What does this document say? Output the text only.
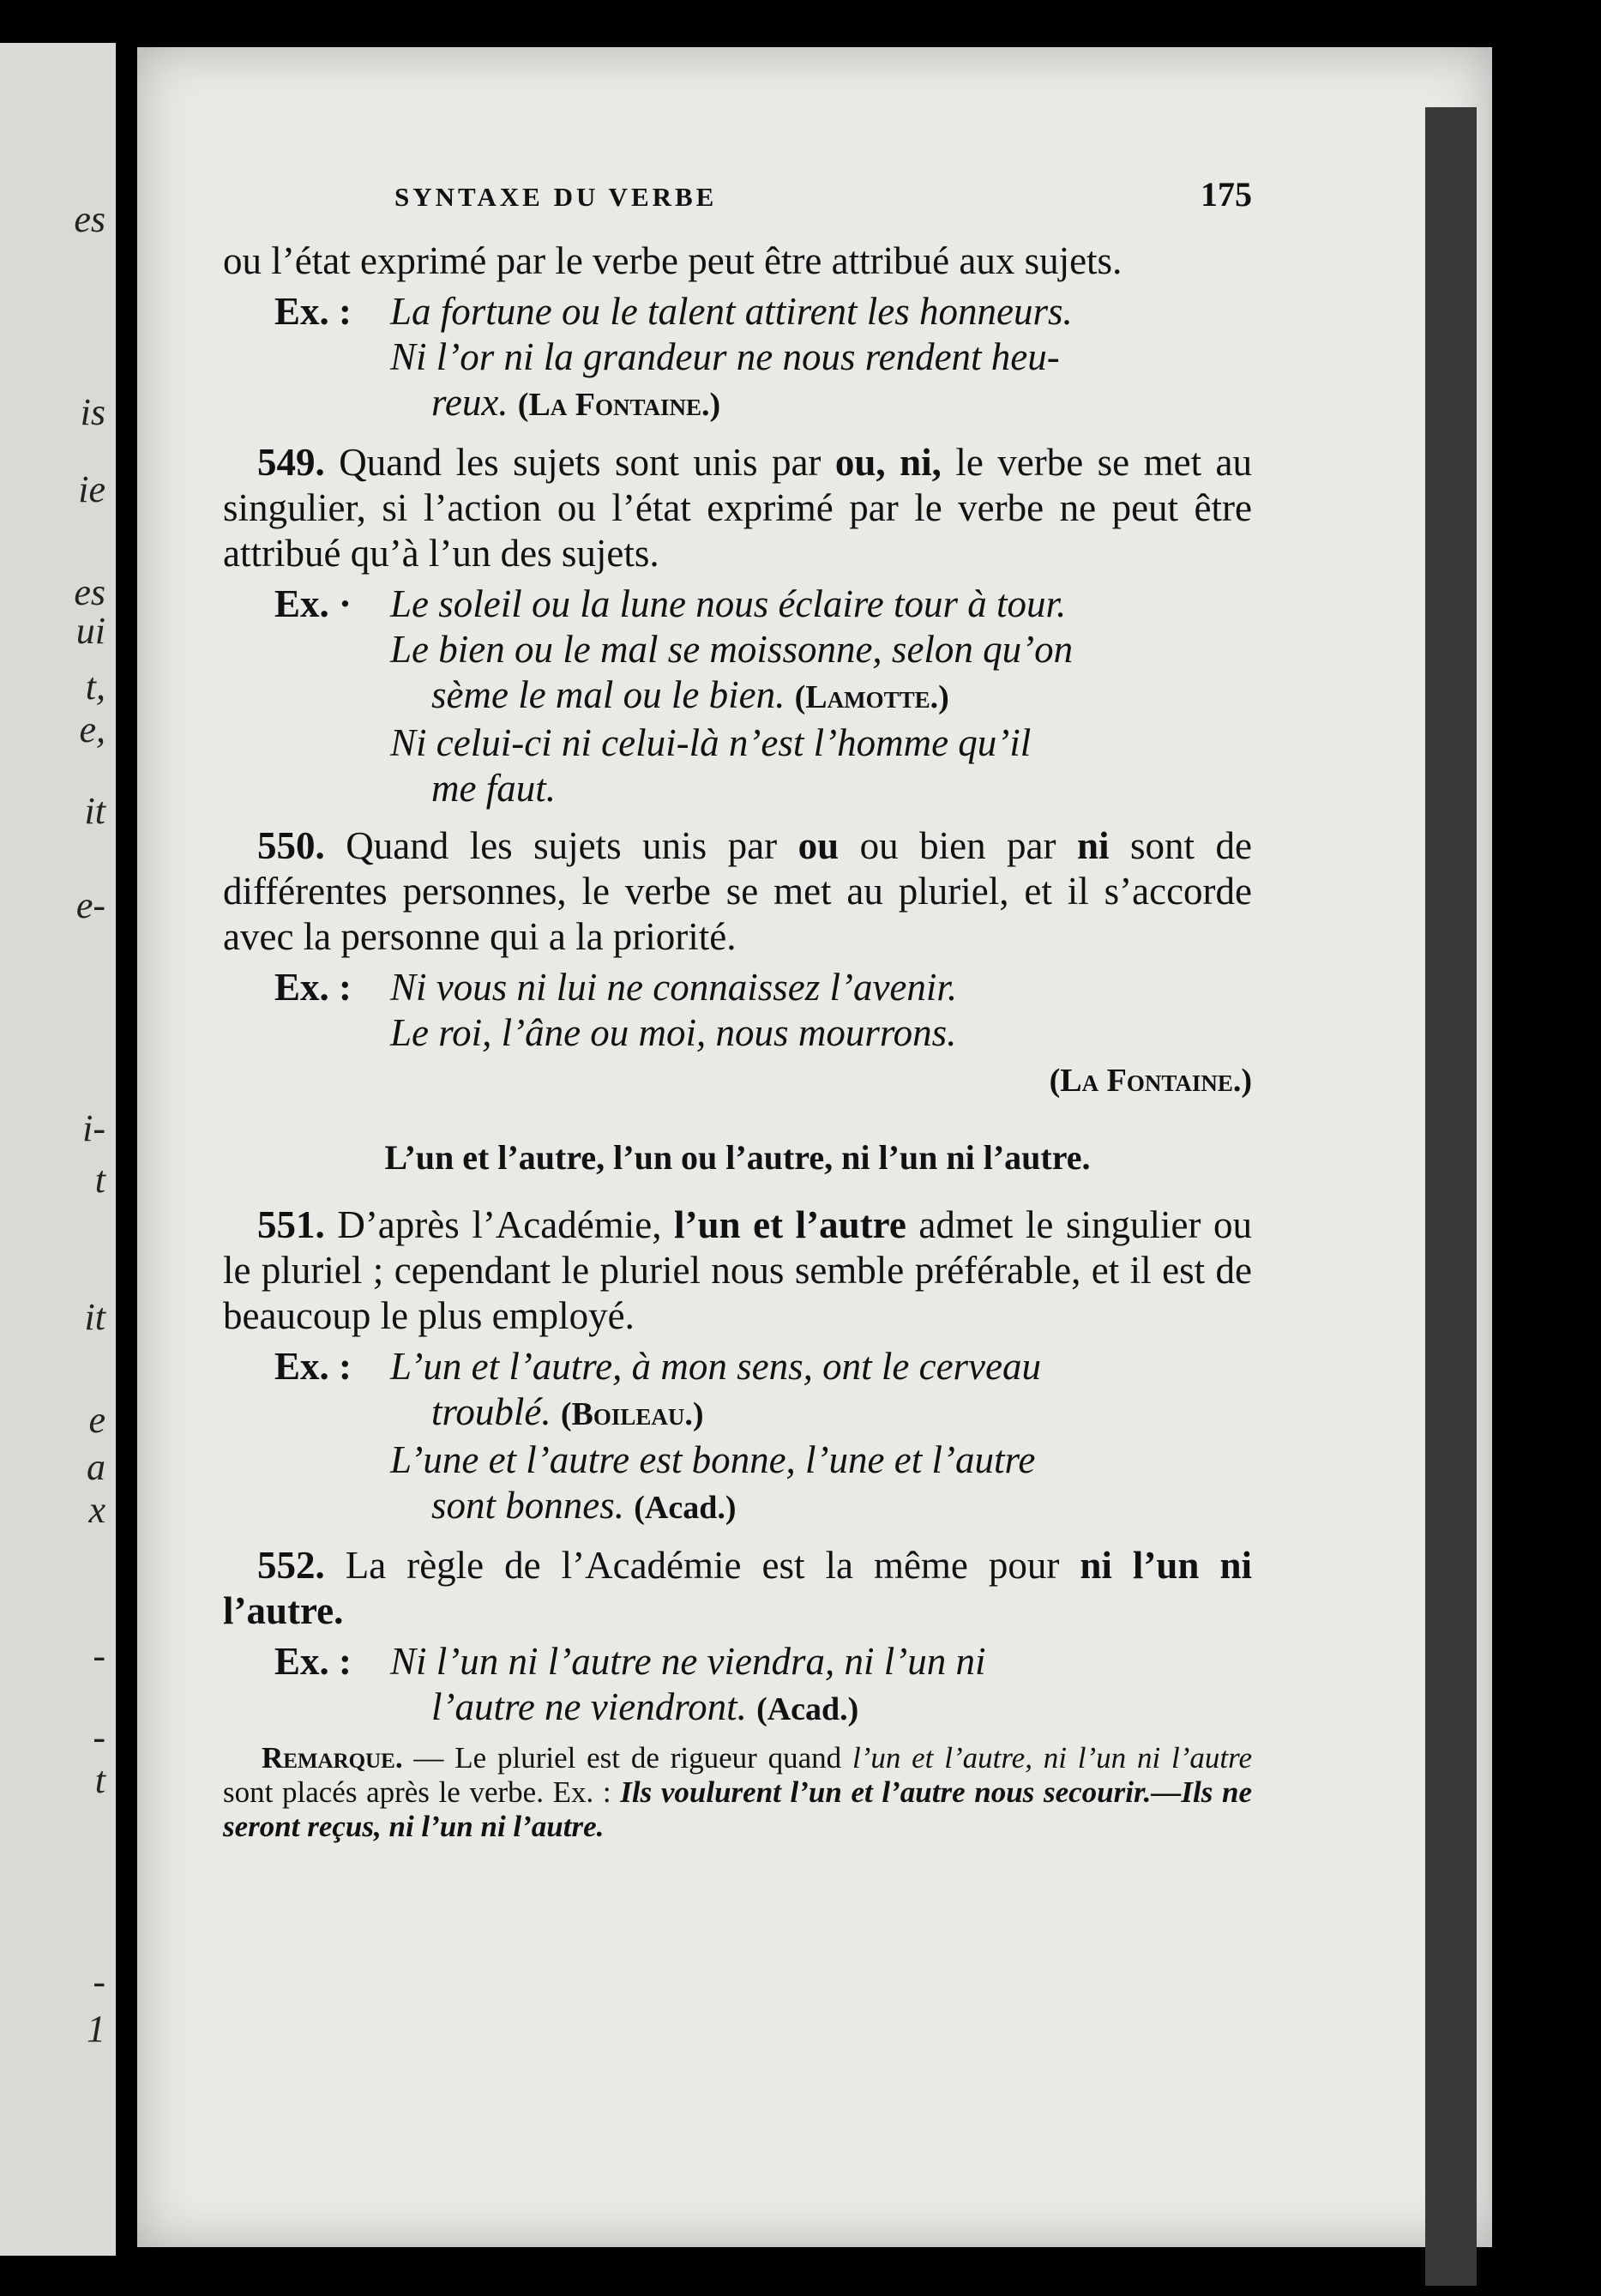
es
is
ie
es
ui
t,
e,
it
e-
i-
t
it
e
a
x
-
-
t
-
1
SYNTAXE DU VERBE	175

ou l’état exprimé par le verbe peut être attribué aux sujets.

Ex. :	La fortune ou le talent attirent les honneurs.
Ni l’or ni la grandeur ne nous rendent heu-
reux. (La Fontaine.)

549. Quand les sujets sont unis par ou, ni, le verbe se met au singulier, si l’action ou l’état exprimé par le verbe ne peut être attribué qu’à l’un des sujets.

Ex. · Le soleil ou la lune nous éclaire tour à tour.
Le bien ou le mal se moissonne, selon qu’on
sème le mal ou le bien. (Lamotte.)
Ni celui-ci ni celui-là n’est l’homme qu’il
me faut.

550. Quand les sujets unis par ou ou bien par ni sont de différentes personnes, le verbe se met au pluriel, et il s’accorde avec la personne qui a la priorité.

Ex. :	Ni vous ni lui ne connaissez l’avenir.
Le roi, l’âne ou moi, nous mourrons.
(La Fontaine.)
L’un et l’autre, l’un ou l’autre, ni l’un ni l’autre.

551. D’après l’Académie, l’un et l’autre admet le singulier ou le pluriel ; cependant le pluriel nous semble préférable, et il est de beaucoup le plus employé.

Ex. :	L’un et l’autre, à mon sens, ont le cerveau
troublé. (Boileau.)
L’une et l’autre est bonne, l’une et l’autre
sont bonnes. (Acad.)

552. La règle de l’Académie est la même pour ni l’un ni l’autre.

Ex. :	Ni l’un ni l’autre ne viendra, ni l’un ni
l’autre ne viendront. (Acad.)

Remarque. — Le pluriel est de rigueur quand l’un et l’autre, ni l’un ni l’autre sont placés après le verbe. Ex. : Ils voulurent l’un et l’autre nous secourir.—Ils ne seront reçus, ni l’un ni l’autre.
